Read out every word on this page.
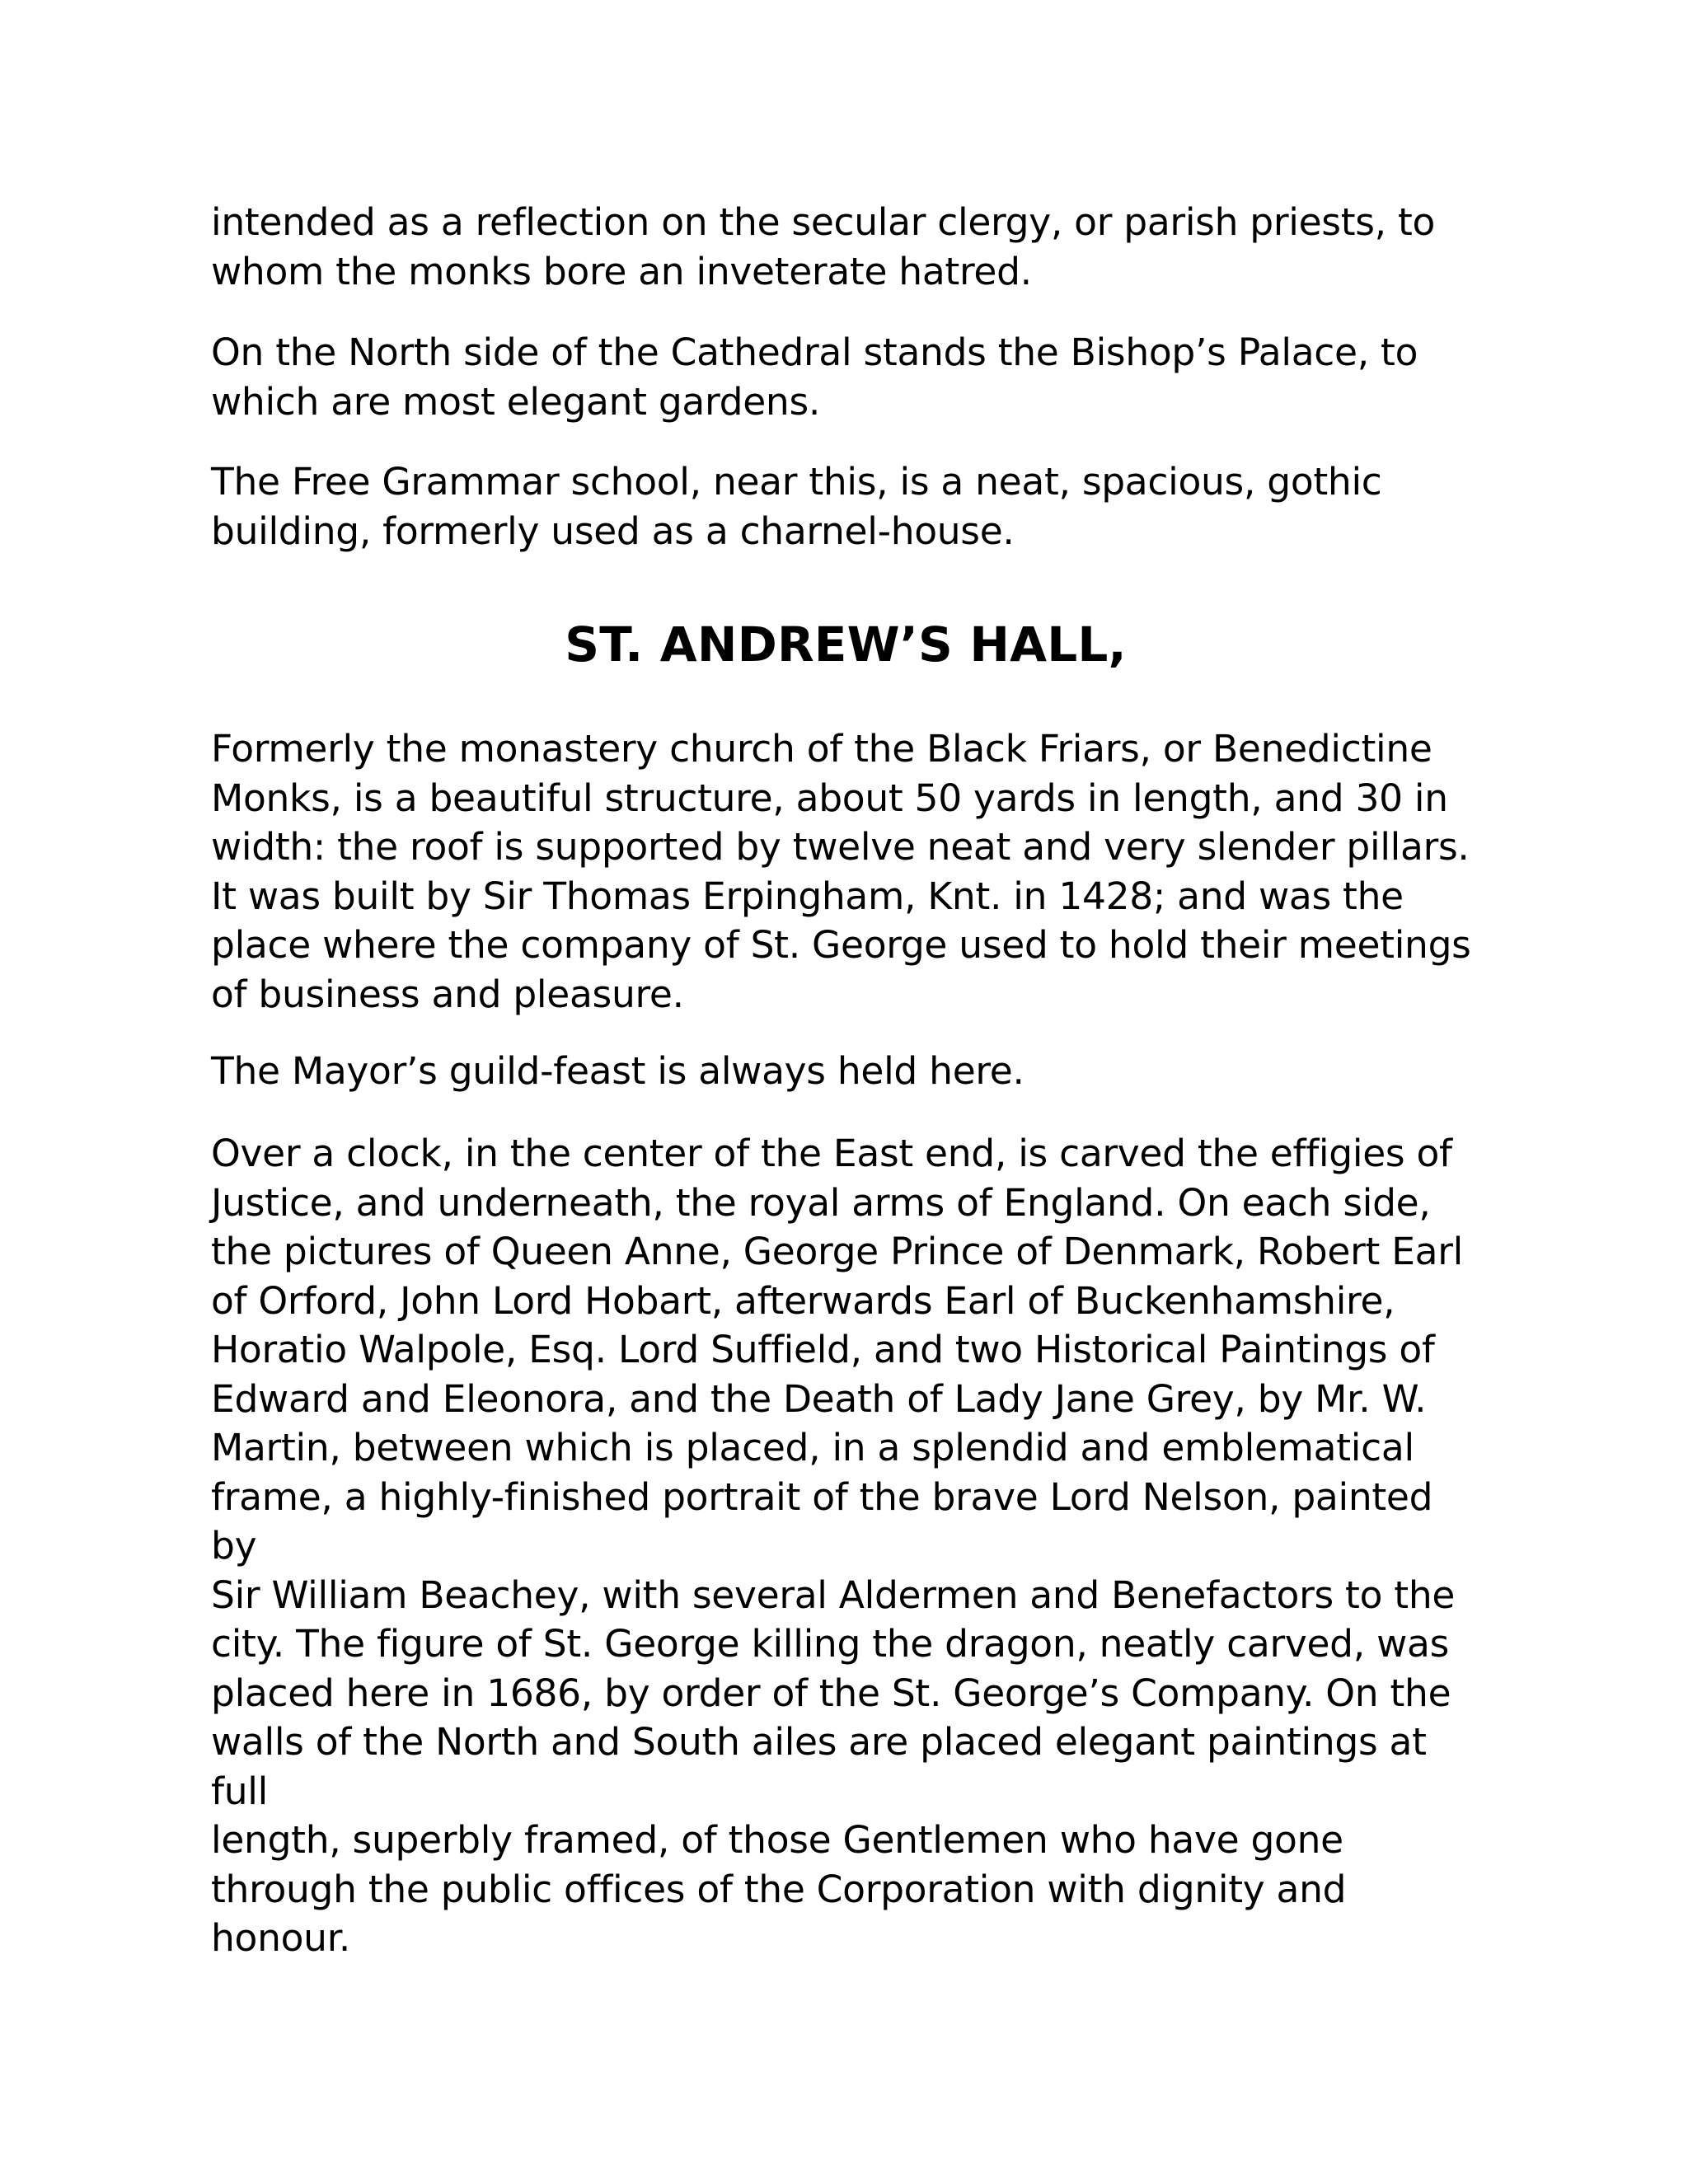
intended as a reflection on the secular clergy, or parish priests, to
whom the monks bore an inveterate hatred.
On the North side of the Cathedral stands the Bishop’s Palace, to
which are most elegant gardens.
The Free Grammar school, near this, is a neat, spacious, gothic
building, formerly used as a charnel-house.
ST. ANDREW’S HALL,
Formerly the monastery church of the Black Friars, or Benedictine
Monks, is a beautiful structure, about 50 yards in length, and 30 in
width: the roof is supported by twelve neat and very slender pillars.
It was built by Sir Thomas Erpingham, Knt. in 1428; and was the
place where the company of St. George used to hold their meetings
of business and pleasure.
The Mayor’s guild-feast is always held here.
Over a clock, in the center of the East end, is carved the effigies of
Justice, and underneath, the royal arms of England. On each side,
the pictures of Queen Anne, George Prince of Denmark, Robert Earl
of Orford, John Lord Hobart, afterwards Earl of Buckenhamshire,
Horatio Walpole, Esq. Lord Suffield, and two Historical Paintings of
Edward and Eleonora, and the Death of Lady Jane Grey, by Mr. W.
Martin, between which is placed, in a splendid and emblematical
frame, a highly-finished portrait of the brave Lord Nelson, painted by
Sir William Beachey, with several Aldermen and Benefactors to the
city. The figure of St. George killing the dragon, neatly carved, was
placed here in 1686, by order of the St. George’s Company. On the
walls of the North and South ailes are placed elegant paintings at full
length, superbly framed, of those Gentlemen who have gone
through the public offices of the Corporation with dignity and
honour.
